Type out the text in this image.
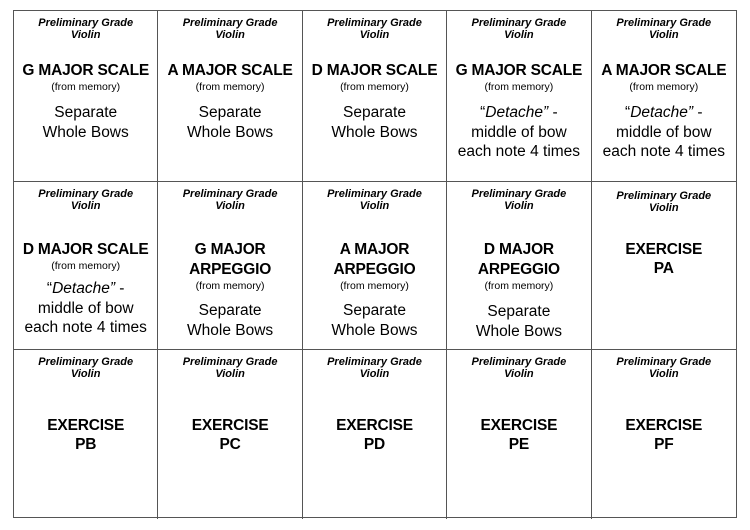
Preliminary Grade
Violin
G MAJOR SCALE
(from memory)
Separate
Whole Bows
Preliminary Grade
Violin
A MAJOR SCALE
(from memory)
Separate
Whole Bows
Preliminary Grade
Violin
D MAJOR SCALE
(from memory)
Separate
Whole Bows
Preliminary Grade
Violin
G MAJOR SCALE
(from memory)
“Detache” -
middle of bow
each note 4 times
Preliminary Grade
Violin
A MAJOR SCALE
(from memory)
“Detache” -
middle of bow
each note 4 times
Preliminary Grade
Violin
D MAJOR SCALE
(from memory)
“Detache” -
middle of bow
each note 4 times
Preliminary Grade
Violin
G MAJOR
ARPEGGIO
(from memory)
Separate
Whole Bows
Preliminary Grade
Violin
A MAJOR
ARPEGGIO
(from memory)
Separate
Whole Bows
Preliminary Grade
Violin
D MAJOR
ARPEGGIO
(from memory)
Separate
Whole Bows
Preliminary Grade
Violin
EXERCISE
PA
Preliminary Grade
Violin
EXERCISE
PB
Preliminary Grade
Violin
EXERCISE
PC
Preliminary Grade
Violin
EXERCISE
PD
Preliminary Grade
Violin
EXERCISE
PE
Preliminary Grade
Violin
EXERCISE
PF
